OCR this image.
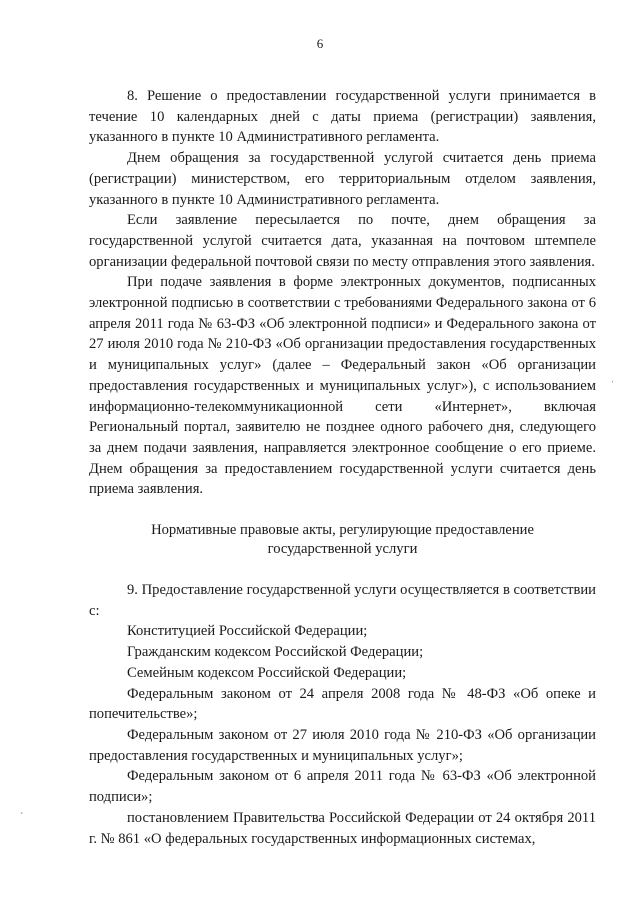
6

8. Решение о предоставлении государственной услуги принимается в течение 10 календарных дней с даты приема (регистрации) заявления, указанного в пункте 10 Административного регламента.

Днем обращения за государственной услугой считается день приема (регистрации) министерством, его территориальным отделом заявления, указанного в пункте 10 Административного регламента.

Если заявление пересылается по почте, днем обращения за государственной услугой считается дата, указанная на почтовом штемпеле организации федеральной почтовой связи по месту отправления этого заявления.

При подаче заявления в форме электронных документов, подписанных электронной подписью в соответствии с требованиями Федерального закона от 6 апреля 2011 года № 63-ФЗ «Об электронной подписи» и Федерального закона от 27 июля 2010 года № 210-ФЗ «Об организации предоставления государственных и муниципальных услуг» (далее – Федеральный закон «Об организации предоставления государственных и муниципальных услуг»), с использованием информационно-телекоммуникационной сети «Интернет», включая Региональный портал, заявителю не позднее одного рабочего дня, следующего за днем подачи заявления, направляется электронное сообщение о его приеме. Днем обращения за предоставлением государственной услуги считается день приема заявления.

Нормативные правовые акты, регулирующие предоставление
государственной услуги

9. Предоставление государственной услуги осуществляется в соответствии с:

Конституцией Российской Федерации;

Гражданским кодексом Российской Федерации;

Семейным кодексом Российской Федерации;

Федеральным законом от 24 апреля 2008 года № 48-ФЗ «Об опеке и попечительстве»;

Федеральным законом от 27 июля 2010 года № 210-ФЗ «Об организации предоставления государственных и муниципальных услуг»;

Федеральным законом от 6 апреля 2011 года № 63-ФЗ «Об электронной подписи»;

постановлением Правительства Российской Федерации от 24 октября 2011 г. № 861 «О федеральных государственных информационных системах,

ˊ
ˈ
